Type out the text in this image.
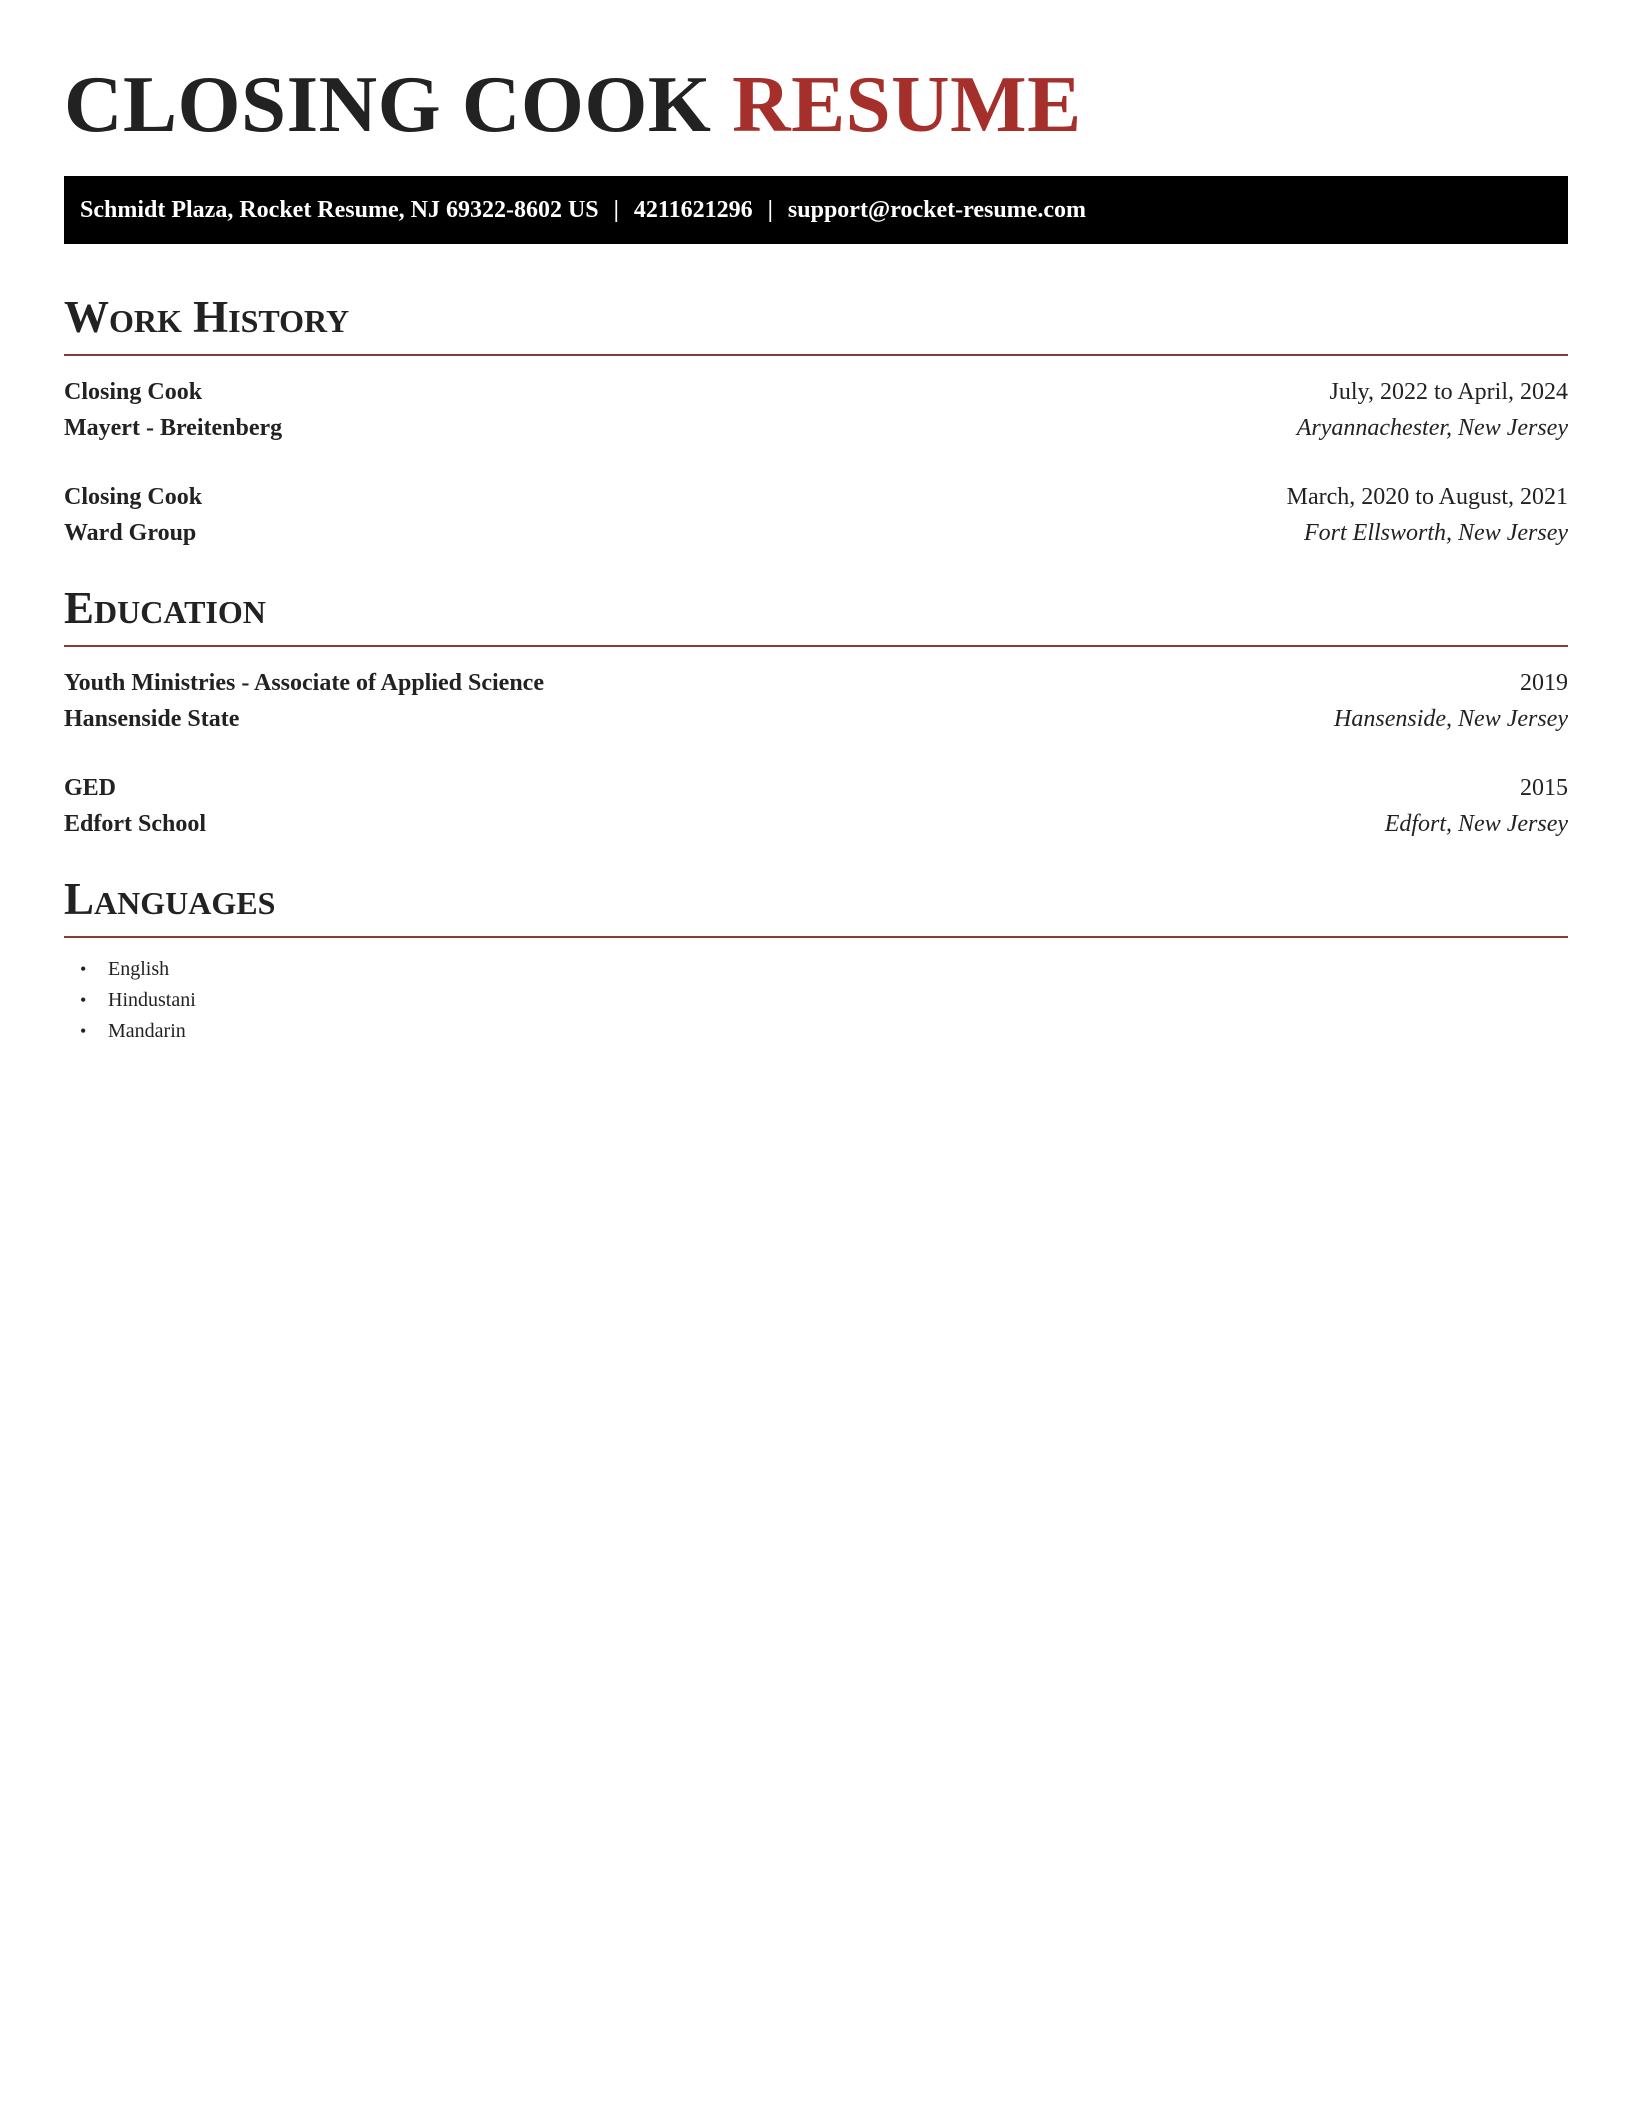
CLOSING COOK RESUME
Schmidt Plaza, Rocket Resume, NJ 69322-8602 US | 4211621296 | support@rocket-resume.com
Work History
Closing Cook	July, 2022 to April, 2024
Mayert - Breitenberg	Aryannachester, New Jersey
Closing Cook	March, 2020 to August, 2021
Ward Group	Fort Ellsworth, New Jersey
Education
Youth Ministries - Associate of Applied Science	2019
Hansenside State	Hansenside, New Jersey
GED	2015
Edfort School	Edfort, New Jersey
Languages
•	English
•	Hindustani
•	Mandarin
